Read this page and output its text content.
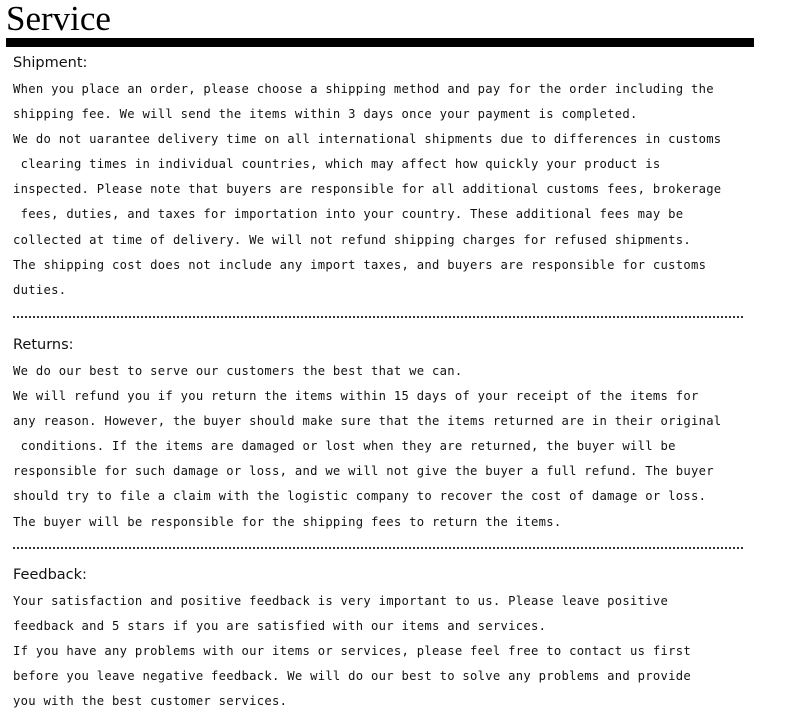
Service
Shipment:
When you place an order, please choose a shipping method and pay for the order including the
shipping fee. We will send the items within 3 days once your payment is completed.
We do not uarantee delivery time on all international shipments due to differences in customs
clearing times in individual countries, which may affect how quickly your product is
inspected. Please note that buyers are responsible for all additional customs fees, brokerage
fees, duties, and taxes for importation into your country. These additional fees may be
collected at time of delivery. We will not refund shipping charges for refused shipments.
The shipping cost does not include any import taxes, and buyers are responsible for customs
duties.
Returns:
We do our best to serve our customers the best that we can.
We will refund you if you return the items within 15 days of your receipt of the items for
any reason. However, the buyer should make sure that the items returned are in their original
conditions. If the items are damaged or lost when they are returned, the buyer will be
responsible for such damage or loss, and we will not give the buyer a full refund. The buyer
should try to file a claim with the logistic company to recover the cost of damage or loss.
The buyer will be responsible for the shipping fees to return the items.
Feedback:
Your satisfaction and positive feedback is very important to us. Please leave positive
feedback and 5 stars if you are satisfied with our items and services.
If you have any problems with our items or services, please feel free to contact us first
before you leave negative feedback. We will do our best to solve any problems and provide
you with the best customer services.
